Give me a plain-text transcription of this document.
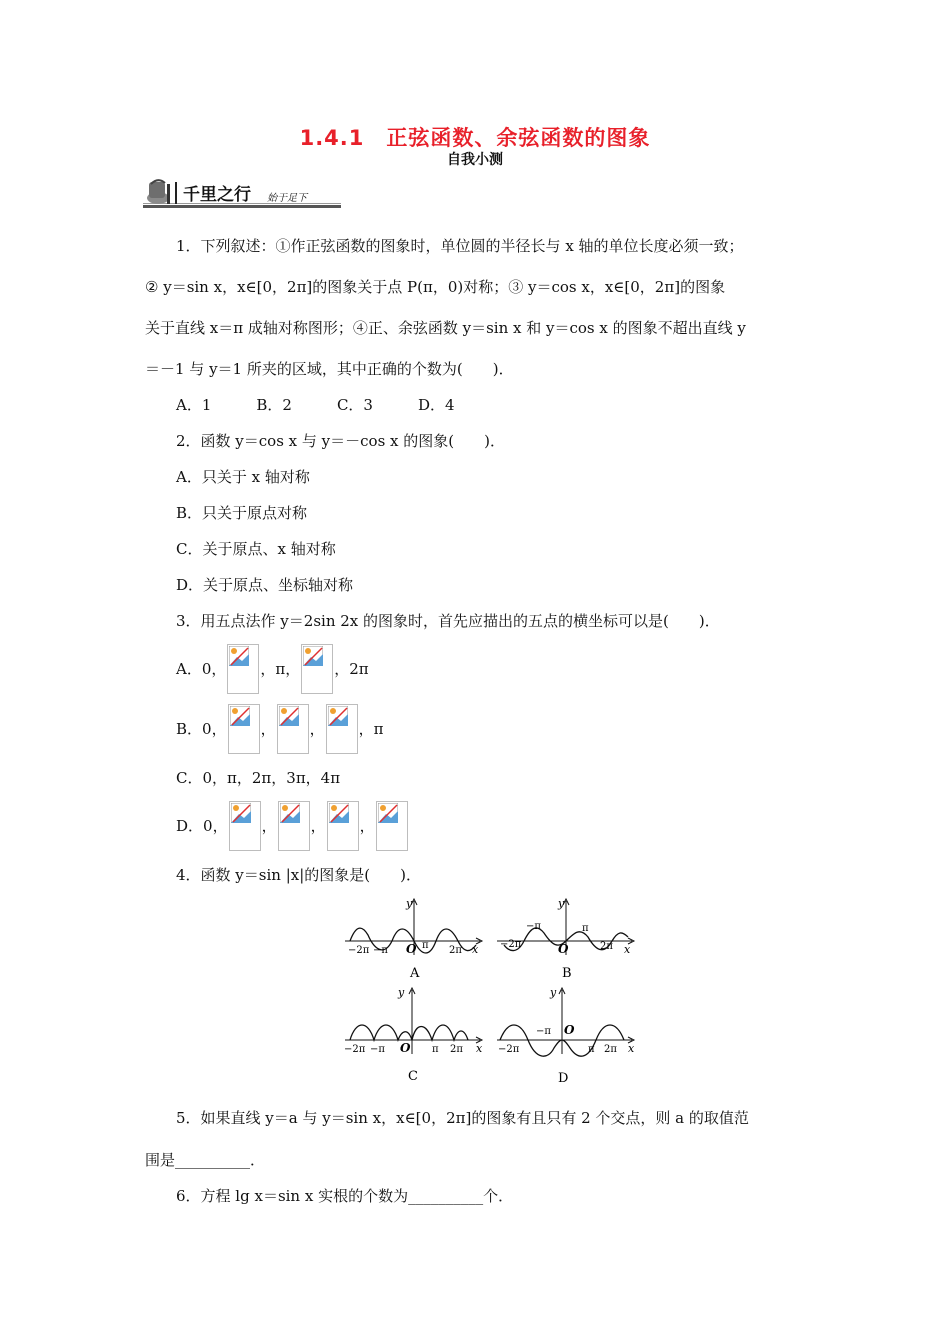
1.4.1　正弦函数、余弦函数的图象
自我小测
千里之行 始于足下
1．下列叙述：①作正弦函数的图象时，单位圆的半径长与 x 轴的单位长度必须一致；
② y＝sin x，x∈[0，2π]的图象关于点 P(π，0)对称；③ y＝cos x，x∈[0，2π]的图象
关于直线 x＝π 成轴对称图形；④正、余弦函数 y＝sin x 和 y＝cos x 的图象不超出直线 y
＝－1 与 y＝1 所夹的区域，其中正确的个数为(　　)．
A．1　　　B．2　　　C．3　　　D．4
2．函数 y＝cos x 与 y＝－cos x 的图象(　　)．
A．只关于 x 轴对称
B．只关于原点对称
C．关于原点、x 轴对称
D．关于原点、坐标轴对称
3．用五点法作 y＝2sin 2x 的图象时，首先应描出的五点的横坐标可以是(　　)．
A．0， ，π， ，2π
B．0， ， ， ，π
C．0，π，2π，3π，4π
D．0， ， ， ，
4．函数 y＝sin |x|的图象是(　　)．
y
x
O
−2π −π	π 2π
A
y
x
O
−2π
−π	π
2π
B
y
x
O
−2π −π	π 2π
C
y
x
O
−2π
−π
π 2π
D
5．如果直线 y＝a 与 y＝sin x，x∈[0，2π]的图象有且只有 2 个交点，则 a 的取值范
围是__________．
6．方程 lg x＝sin x 实根的个数为__________个．
